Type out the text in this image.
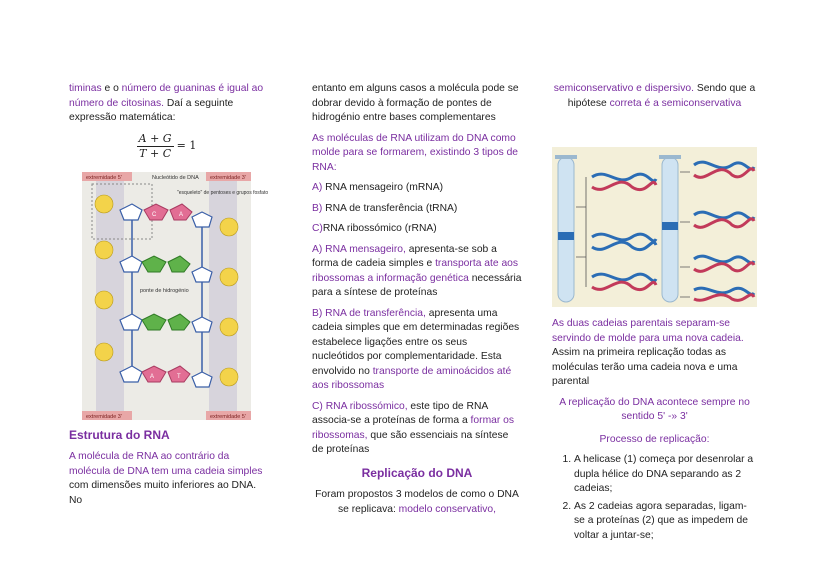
timinas e o número de guaninas é igual ao número de citosinas. Daí a seguinte expressão matemática:

$\frac{A + G}{T + C} = 1$
extremidade 5'	extremidade 3'
Nucleótido de DNA
"esqueleto" de pentoses e grupos fosfato
ponte de hidrogénio
extremidade 3'	extremidade 5'
C	A
A	T
Estrutura do RNA

A molécula de RNA ao contrário da molécula de DNA tem uma cadeia simples com dimensões muito inferiores ao DNA. No

entanto em alguns casos a molécula pode se dobrar devido à formação de pontes de hidrogénio entre bases complementares

As moléculas de RNA utilizam do DNA como molde para se formarem, existindo 3 tipos de RNA:

A) RNA mensageiro (mRNA)

B) RNA de transferência (tRNA)

C)RNA ribossómico (rRNA)

A) RNA mensageiro, apresenta-se sob a forma de cadeia simples e transporta ate aos ribossomas a informação genética necessária para a síntese de proteínas

B) RNA de transferência, apresenta uma cadeia simples que em determinadas regiões estabelece ligações entre os seus nucleótidos por complementaridade. Esta envolvido no transporte de aminoácidos até aos ribossomas

C) RNA ribossómico, este tipo de RNA associa-se a proteínas de forma a formar os ribossomas, que são essenciais na síntese de proteínas

Replicação do DNA

Foram propostos 3 modelos de como o DNA se replicava: modelo conservativo,

semiconservativo e dispersivo. Sendo que a hipótese correta é a semiconservativa

As duas cadeias parentais separam-se servindo de molde para uma nova cadeia. Assim na primeira replicação todas as moléculas terão uma cadeia nova e uma parental

A replicação do DNA acontece sempre no sentido 5' -» 3'

Processo de replicação:

1. A helicase (1) começa por desenrolar a dupla hélice do DNA separando as 2 cadeias;
2. As 2 cadeias agora separadas, ligam-se a proteínas (2) que as impedem de voltar a juntar-se;
